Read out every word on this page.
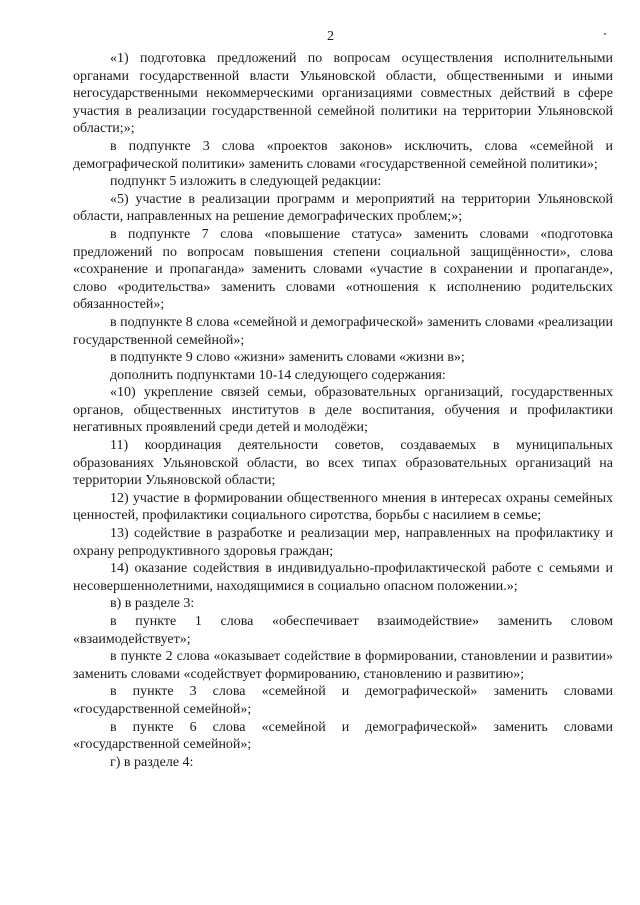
2

«1) подготовка предложений по вопросам осуществления исполнительными органами государственной власти Ульяновской области, общественными и иными негосударственными некоммерческими организациями совместных действий в сфере участия в реализации государственной семейной политики на территории Ульяновской области;»;

в подпункте 3 слова «проектов законов» исключить, слова «семейной и демографической политики» заменить словами «государственной семейной политики»;

подпункт 5 изложить в следующей редакции:

«5) участие в реализации программ и мероприятий на территории Ульяновской области, направленных на решение демографических проблем;»;

в подпункте 7 слова «повышение статуса» заменить словами «подготовка предложений по вопросам повышения степени социальной защищённости», слова «сохранение и пропаганда» заменить словами «участие в сохранении и пропаганде», слово «родительства» заменить словами «отношения к исполнению родительских обязанностей»;

в подпункте 8 слова «семейной и демографической» заменить словами «реализации государственной семейной»;

в подпункте 9 слово «жизни» заменить словами «жизни в»;

дополнить подпунктами 10-14 следующего содержания:

«10) укрепление связей семьи, образовательных организаций, государственных органов, общественных институтов в деле воспитания, обучения и профилактики негативных проявлений среди детей и молодёжи;

11) координация деятельности советов, создаваемых в муниципальных образованиях Ульяновской области, во всех типах образовательных организаций на территории Ульяновской области;

12) участие в формировании общественного мнения в интересах охраны семейных ценностей, профилактики социального сиротства, борьбы с насилием в семье;

13) содействие в разработке и реализации мер, направленных на профилактику и охрану репродуктивного здоровья граждан;

14) оказание содействия в индивидуально-профилактической работе с семьями и несовершеннолетними, находящимися в социально опасном положении.»;

в) в разделе 3:

в пункте 1 слова «обеспечивает взаимодействие» заменить словом «взаимодействует»;

в пункте 2 слова «оказывает содействие в формировании, становлении и развитии» заменить словами «содействует формированию, становлению и развитию»;

в пункте 3 слова «семейной и демографической» заменить словами «государственной семейной»;

в пункте 6 слова «семейной и демографической» заменить словами «государственной семейной»;

г) в разделе 4:
